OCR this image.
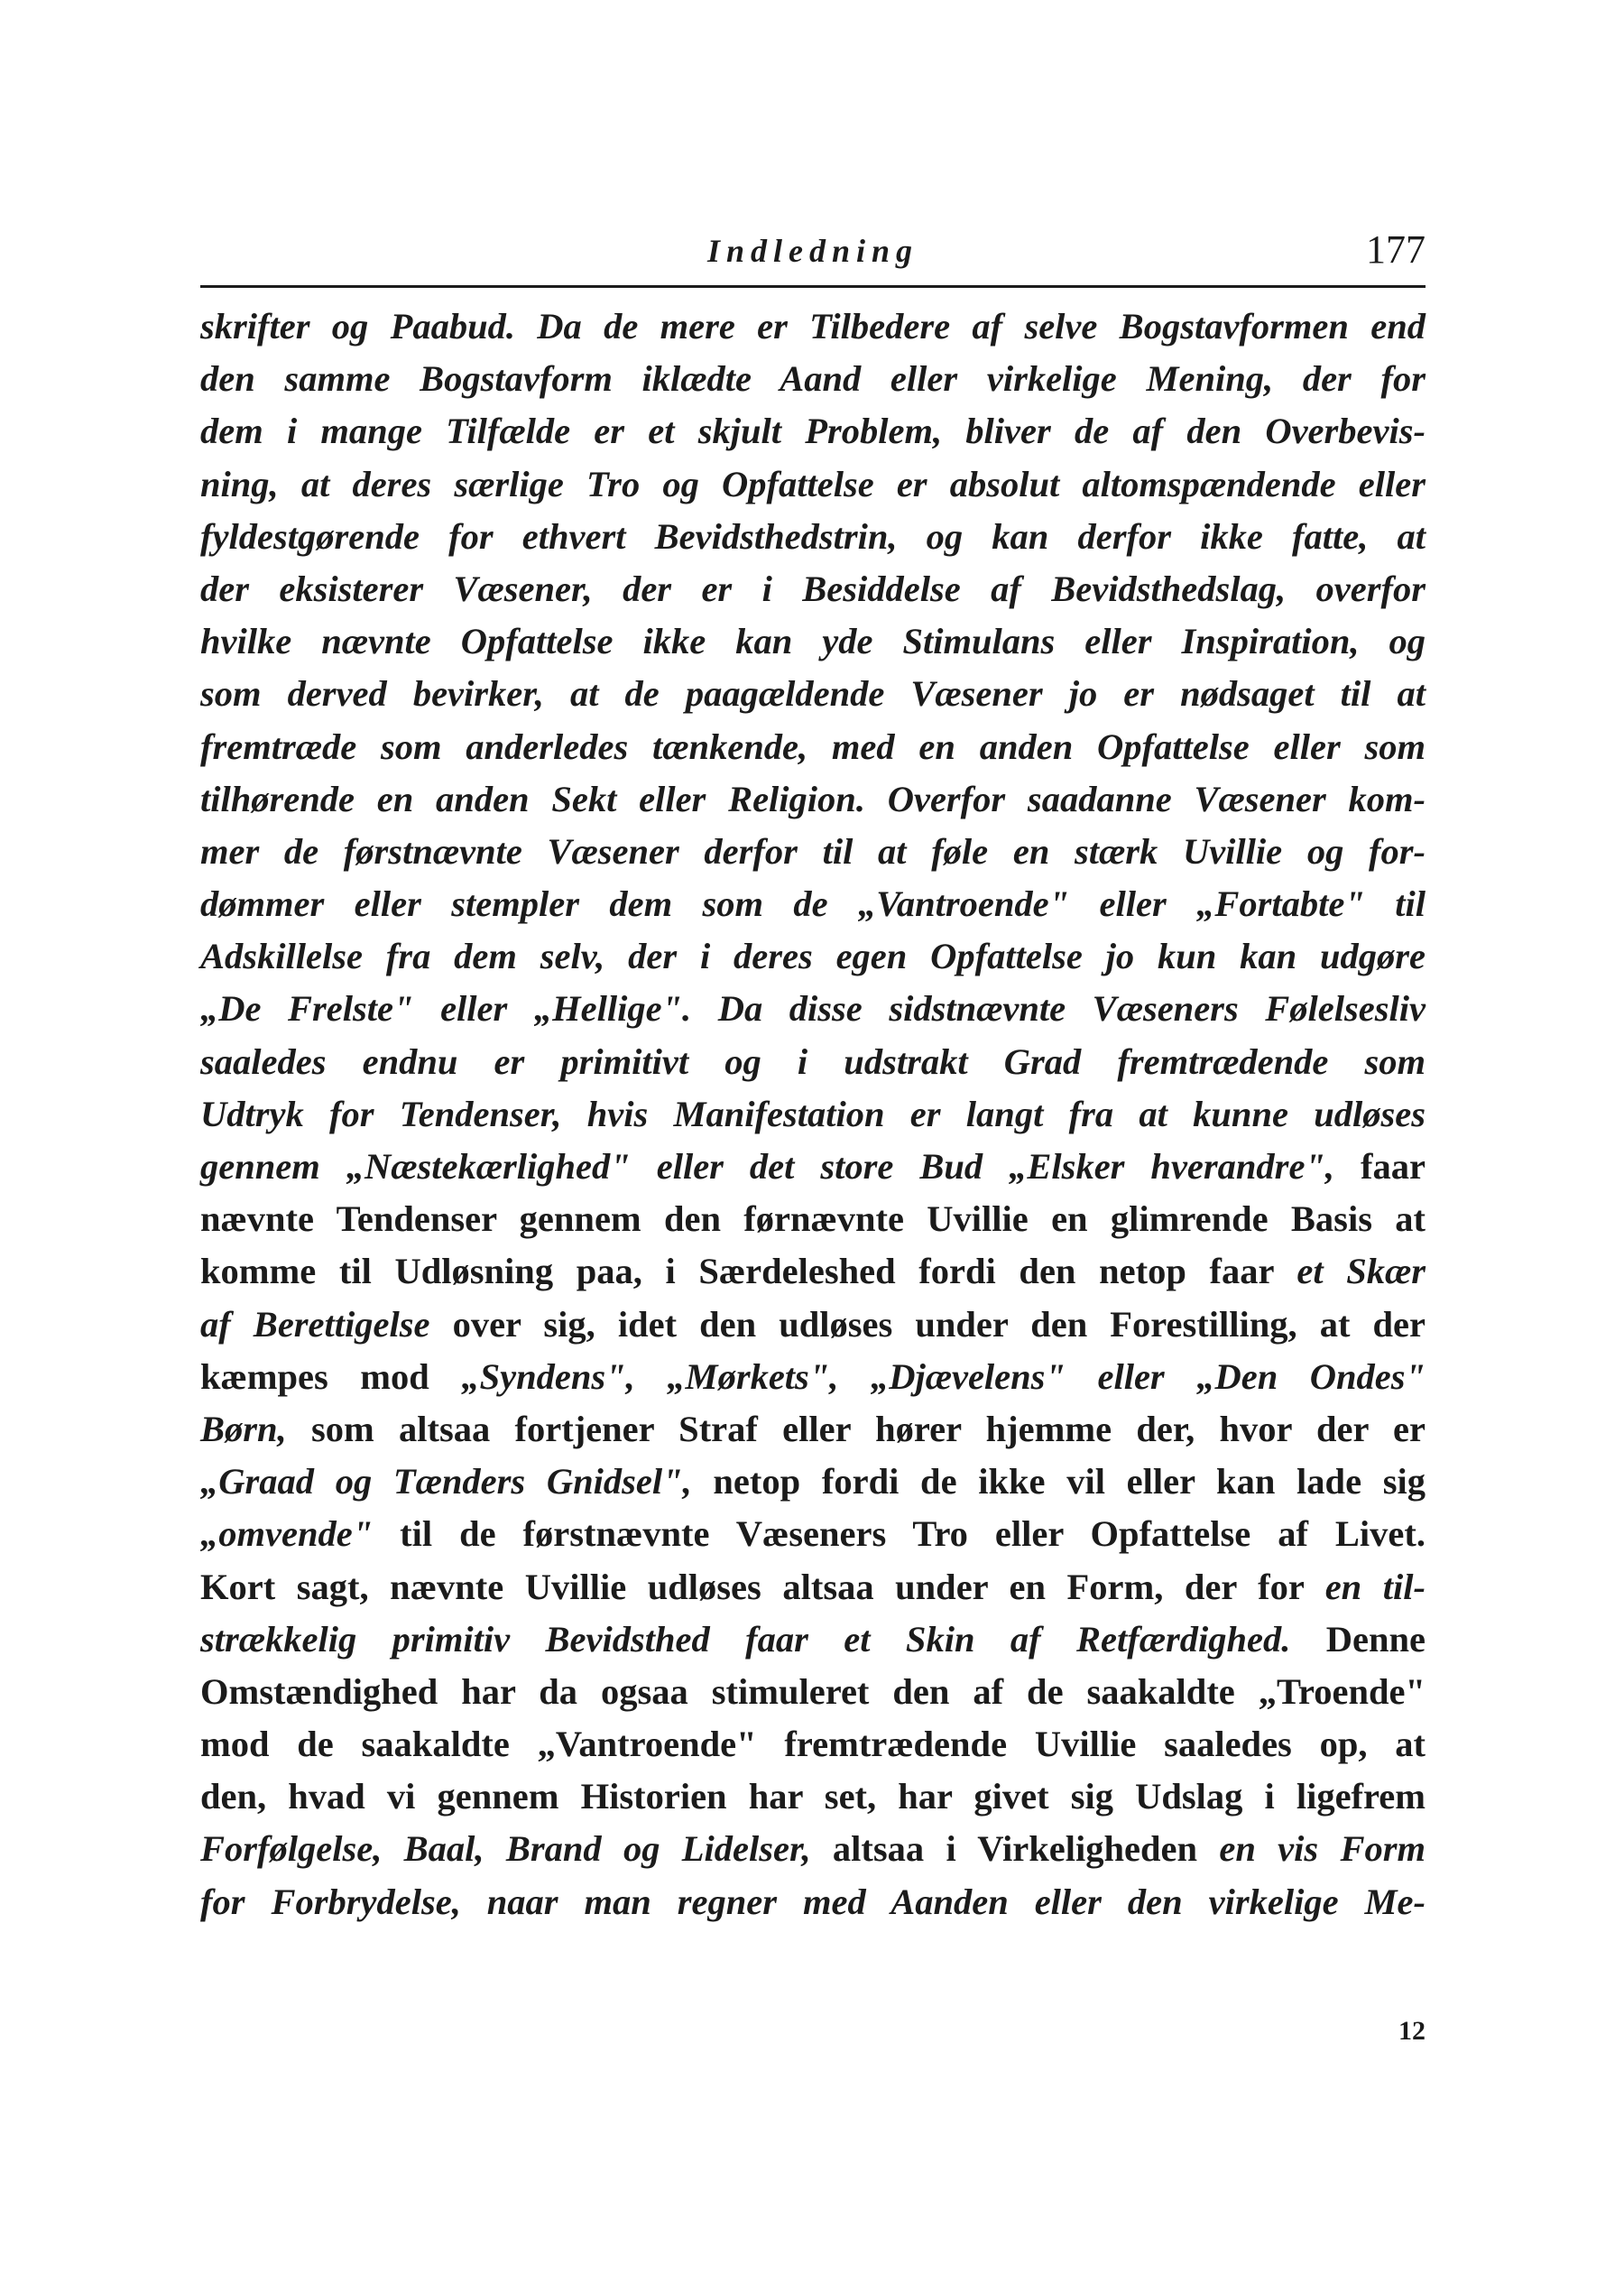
Indledning	177
skrifter og Paabud. Da de mere er Tilbedere af selve Bogstavformen end
den samme Bogstavform iklædte Aand eller virkelige Mening, der for
dem i mange Tilfælde er et skjult Problem, bliver de af den Overbevis-
ning, at deres særlige Tro og Opfattelse er absolut altomspændende eller
fyldestgørende for ethvert Bevidsthedstrin, og kan derfor ikke fatte, at
der eksisterer Væsener, der er i Besiddelse af Bevidsthedslag, overfor
hvilke nævnte Opfattelse ikke kan yde Stimulans eller Inspiration, og
som derved bevirker, at de paagældende Væsener jo er nødsaget til at
fremtræde som anderledes tænkende, med en anden Opfattelse eller som
tilhørende en anden Sekt eller Religion. Overfor saadanne Væsener kom-
mer de førstnævnte Væsener derfor til at føle en stærk Uvillie og for-
dømmer eller stempler dem som de „Vantroende" eller „Fortabte" til
Adskillelse fra dem selv, der i deres egen Opfattelse jo kun kan udgøre
„De Frelste" eller „Hellige". Da disse sidstnævnte Væseners Følelsesliv
saaledes endnu er primitivt og i udstrakt Grad fremtrædende som
Udtryk for Tendenser, hvis Manifestation er langt fra at kunne udløses
gennem „Næstekærlighed" eller det store Bud „Elsker hverandre", faar
nævnte Tendenser gennem den førnævnte Uvillie en glimrende Basis at
komme til Udløsning paa, i Særdeleshed fordi den netop faar et Skær
af Berettigelse over sig, idet den udløses under den Forestilling, at der
kæmpes mod „Syndens", „Mørkets", „Djævelens" eller „Den Ondes"
Børn, som altsaa fortjener Straf eller hører hjemme der, hvor der er
„Graad og Tænders Gnidsel", netop fordi de ikke vil eller kan lade sig
„omvende" til de førstnævnte Væseners Tro eller Opfattelse af Livet.
Kort sagt, nævnte Uvillie udløses altsaa under en Form, der for en til-
strækkelig primitiv Bevidsthed faar et Skin af Retfærdighed. Denne
Omstændighed har da ogsaa stimuleret den af de saakaldte „Troende"
mod de saakaldte „Vantroende" fremtrædende Uvillie saaledes op, at
den, hvad vi gennem Historien har set, har givet sig Udslag i ligefrem
Forfølgelse, Baal, Brand og Lidelser, altsaa i Virkeligheden en vis Form
for Forbrydelse, naar man regner med Aanden eller den virkelige Me-
12
